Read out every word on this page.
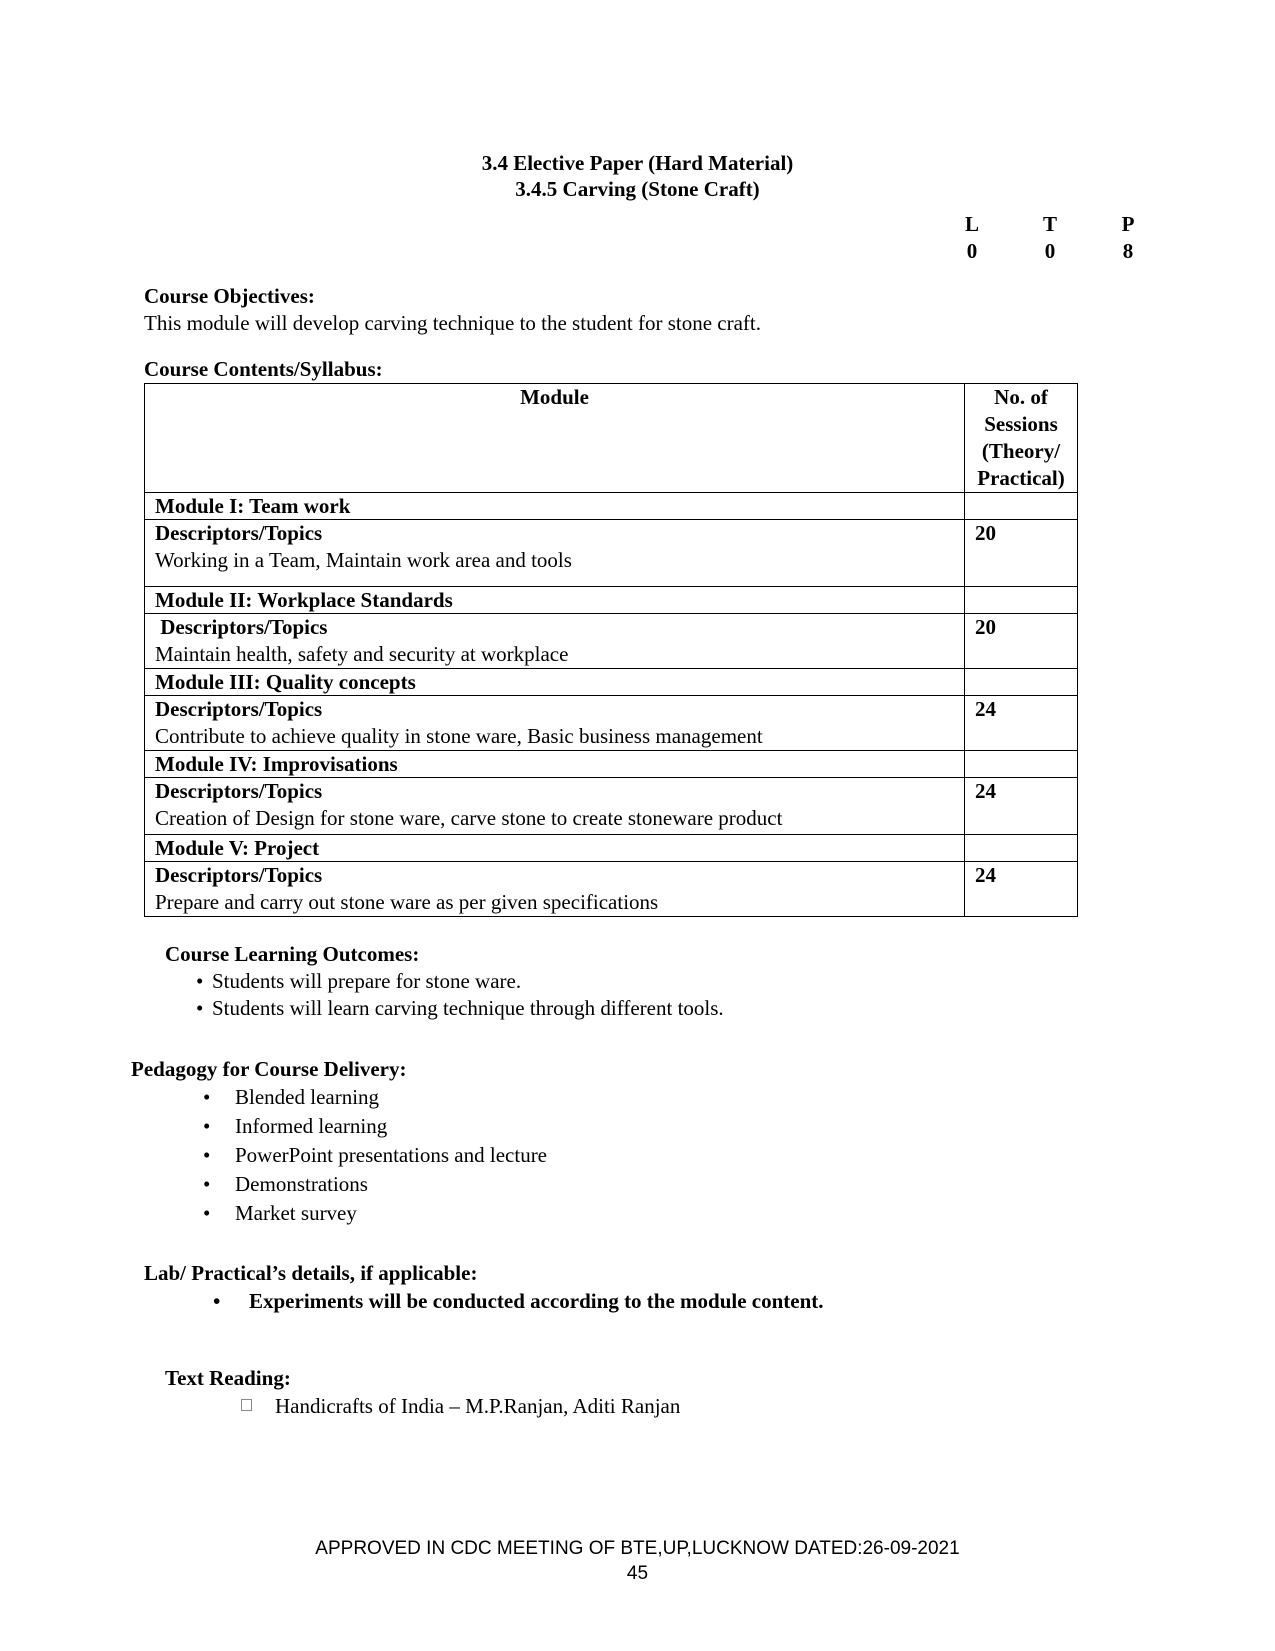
3.4 Elective Paper (Hard Material)
3.4.5 Carving (Stone Craft)
L	T	P
0	0	8
Course Objectives:
This module will develop carving technique to the student for stone craft.
Course Contents/Syllabus:
Module	No. of
Sessions
(Theory/
Practical)

Module I: Team work	

Descriptors/Topics
Working in a Team, Maintain work area and tools	20
Module II: Workplace Standards	

Descriptors/Topics
Maintain health, safety and security at workplace	20
Module III: Quality concepts	

Descriptors/Topics
Contribute to achieve quality in stone ware, Basic business management	24
Module IV: Improvisations	

Descriptors/Topics
Creation of Design for stone ware, carve stone to create stoneware product	24
Module V: Project	

Descriptors/Topics
Prepare and carry out stone ware as per given specifications	24
Course Learning Outcomes:
• Students will prepare for stone ware.
• Students will learn carving technique through different tools.
Pedagogy for Course Delivery:
• Blended learning
• Informed learning
• PowerPoint presentations and lecture
• Demonstrations
• Market survey
Lab/ Practical’s details, if applicable:
• Experiments will be conducted according to the module content.
Text Reading:
Handicrafts of India – M.P.Ranjan, Aditi Ranjan
APPROVED IN CDC MEETING OF BTE,UP,LUCKNOW DATED:26-09-2021
45
